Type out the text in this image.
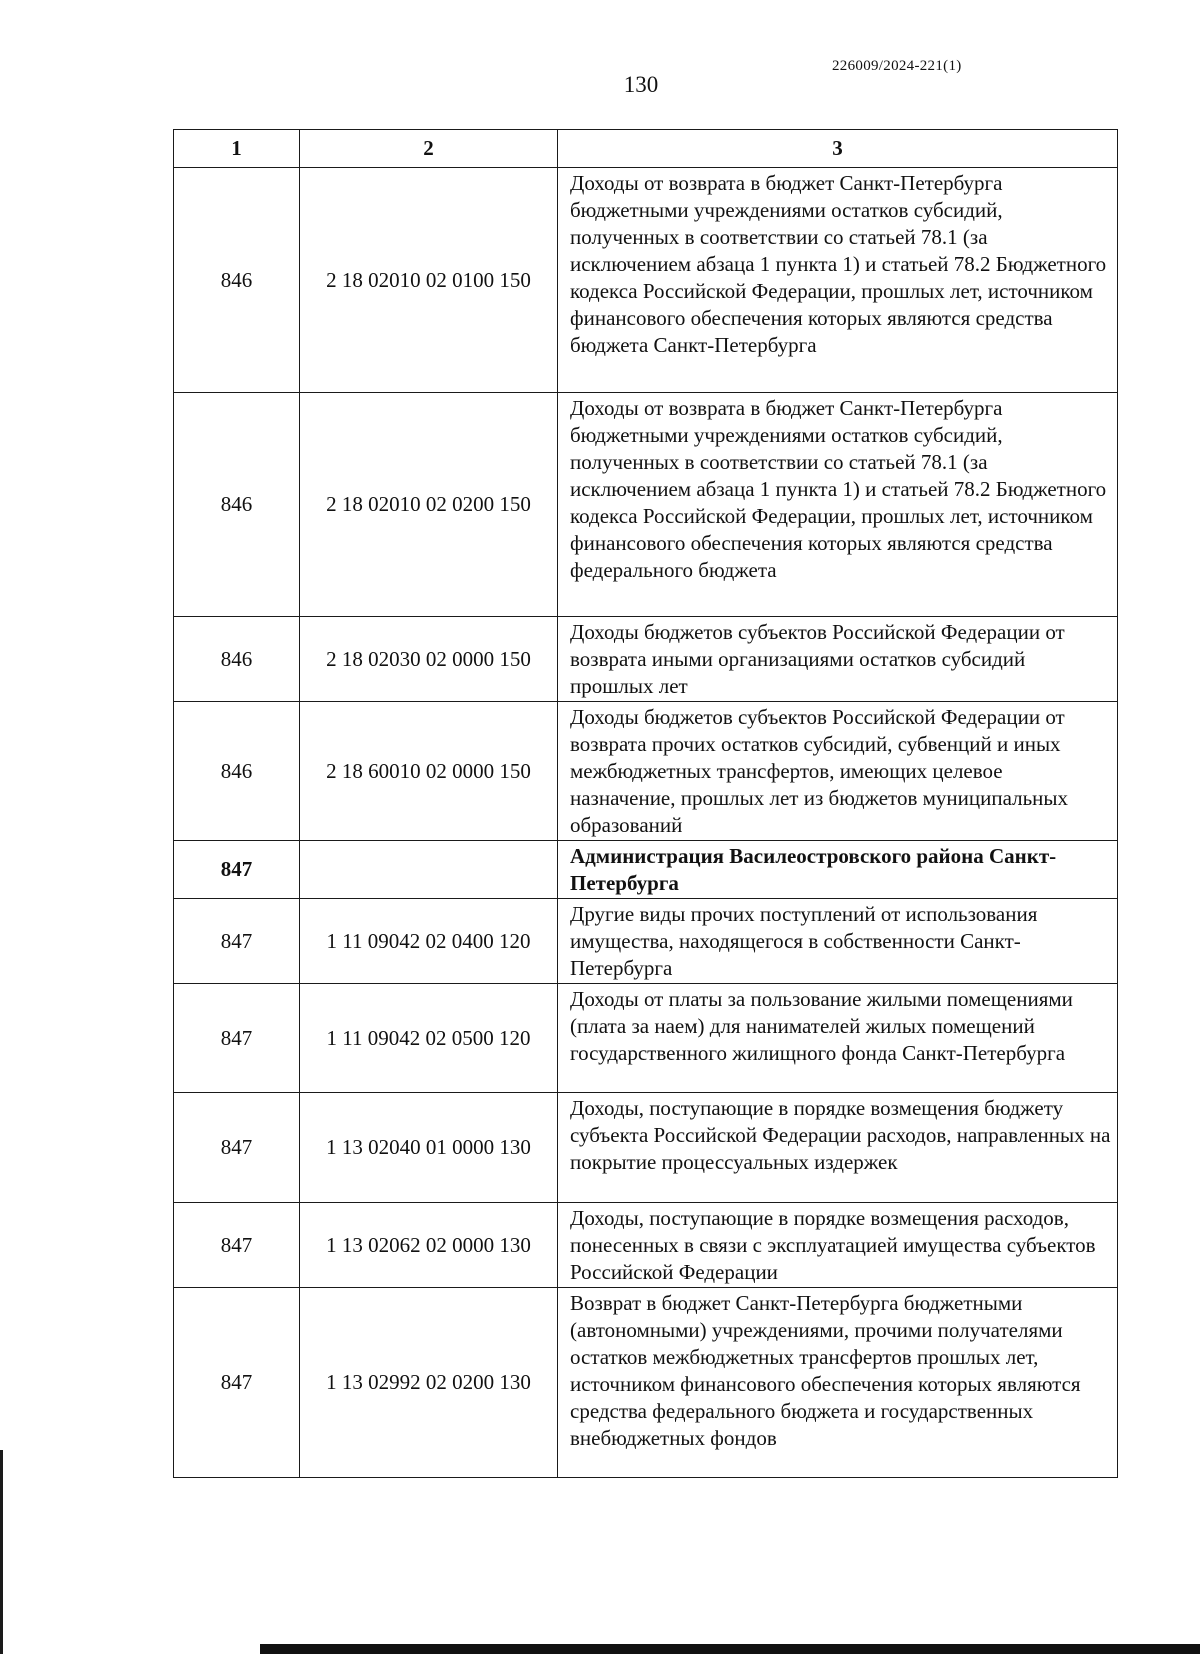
226009/2024-221(1)
130
1	2	3
846	2 18 02010 02 0100 150	Доходы от возврата в бюджет Санкт-Петербурга бюджетными учреждениями остатков субсидий, полученных в соответствии со статьей 78.1 (за исключением абзаца 1 пункта 1) и статьей 78.2 Бюджетного кодекса Российской Федерации, прошлых лет, источником финансового обеспечения которых являются средства бюджета Санкт-Петербурга
846	2 18 02010 02 0200 150	Доходы от возврата в бюджет Санкт-Петербурга бюджетными учреждениями остатков субсидий, полученных в соответствии со статьей 78.1 (за исключением абзаца 1 пункта 1) и статьей 78.2 Бюджетного кодекса Российской Федерации, прошлых лет, источником финансового обеспечения которых являются средства федерального бюджета
846	2 18 02030 02 0000 150	Доходы бюджетов субъектов Российской Федерации от возврата иными организациями остатков субсидий прошлых лет
846	2 18 60010 02 0000 150	Доходы бюджетов субъектов Российской Федерации от возврата прочих остатков субсидий, субвенций и иных межбюджетных трансфертов, имеющих целевое назначение, прошлых лет из бюджетов муниципальных образований
847		Администрация Василеостровского района Санкт-Петербурга
847	1 11 09042 02 0400 120	Другие виды прочих поступлений от использования имущества, находящегося в собственности Санкт-Петербурга
847	1 11 09042 02 0500 120	Доходы от платы за пользование жилыми помещениями (плата за наем) для нанимателей жилых помещений государственного жилищного фонда Санкт-Петербурга
847	1 13 02040 01 0000 130	Доходы, поступающие в порядке возмещения бюджету субъекта Российской Федерации расходов, направленных на покрытие процессуальных издержек
847	1 13 02062 02 0000 130	Доходы, поступающие в порядке возмещения расходов, понесенных в связи с эксплуатацией имущества субъектов Российской Федерации
847	1 13 02992 02 0200 130	Возврат в бюджет Санкт-Петербурга бюджетными (автономными) учреждениями, прочими получателями остатков межбюджетных трансфертов прошлых лет, источником финансового обеспечения которых являются средства федерального бюджета и государственных внебюджетных фондов
